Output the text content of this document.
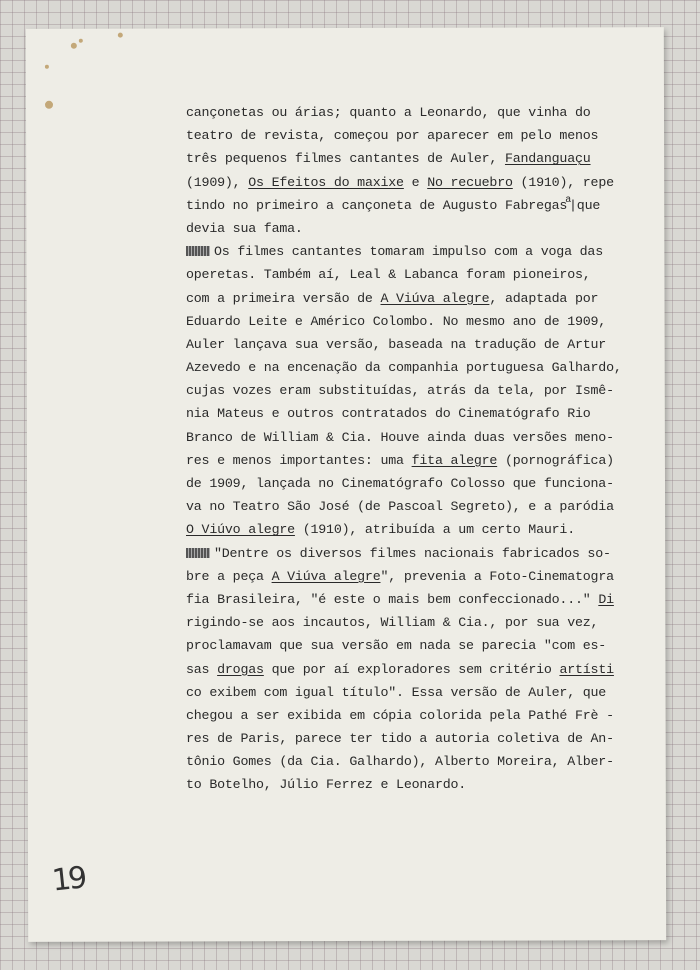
cançonetas ou árias; quanto a Leonardo, que vinha do
teatro de revista, começou por aparecer em pelo menos
três pequenos filmes cantantes de Auler, Fandanguaçu
(1909), Os Efeitos do maxixe e No recuebro (1910), repe
tindo no primeiro a cançoneta de Augusto Fabregas$^a$|que
devia sua fama.
Os filmes cantantes tomaram impulso com a voga das
operetas. Também aí, Leal & Labanca foram pioneiros,
com a primeira versão de A Viúva alegre, adaptada por
Eduardo Leite e Américo Colombo. No mesmo ano de 1909,
Auler lançava sua versão, baseada na tradução de Artur
Azevedo e na encenação da companhia portuguesa Galhardo,
cujas vozes eram substituídas, atrás da tela, por Ismê-
nia Mateus e outros contratados do Cinematógrafo Rio
Branco de William & Cia. Houve ainda duas versões meno-
res e menos importantes: uma fita alegre (pornográfica)
de 1909, lançada no Cinematógrafo Colosso que funciona-
va no Teatro São José (de Pascoal Segreto), e a paródia
O Viúvo alegre (1910), atribuída a um certo Mauri.
"Dentre os diversos filmes nacionais fabricados so-
bre a peça A Viúva alegre", prevenia a Foto-Cinematogra
fia Brasileira, "é este o mais bem confeccionado..." Di
rigindo-se aos incautos, William & Cia., por sua vez,
proclamavam que sua versão em nada se parecia "com es-
sas drogas que por aí exploradores sem critério artísti
co exibem com igual título". Essa versão de Auler, que
chegou a ser exibida em cópia colorida pela Pathé Frè -
res de Paris, parece ter tido a autoria coletiva de An-
tônio Gomes (da Cia. Galhardo), Alberto Moreira, Alber-
to Botelho, Júlio Ferrez e Leonardo.
19
